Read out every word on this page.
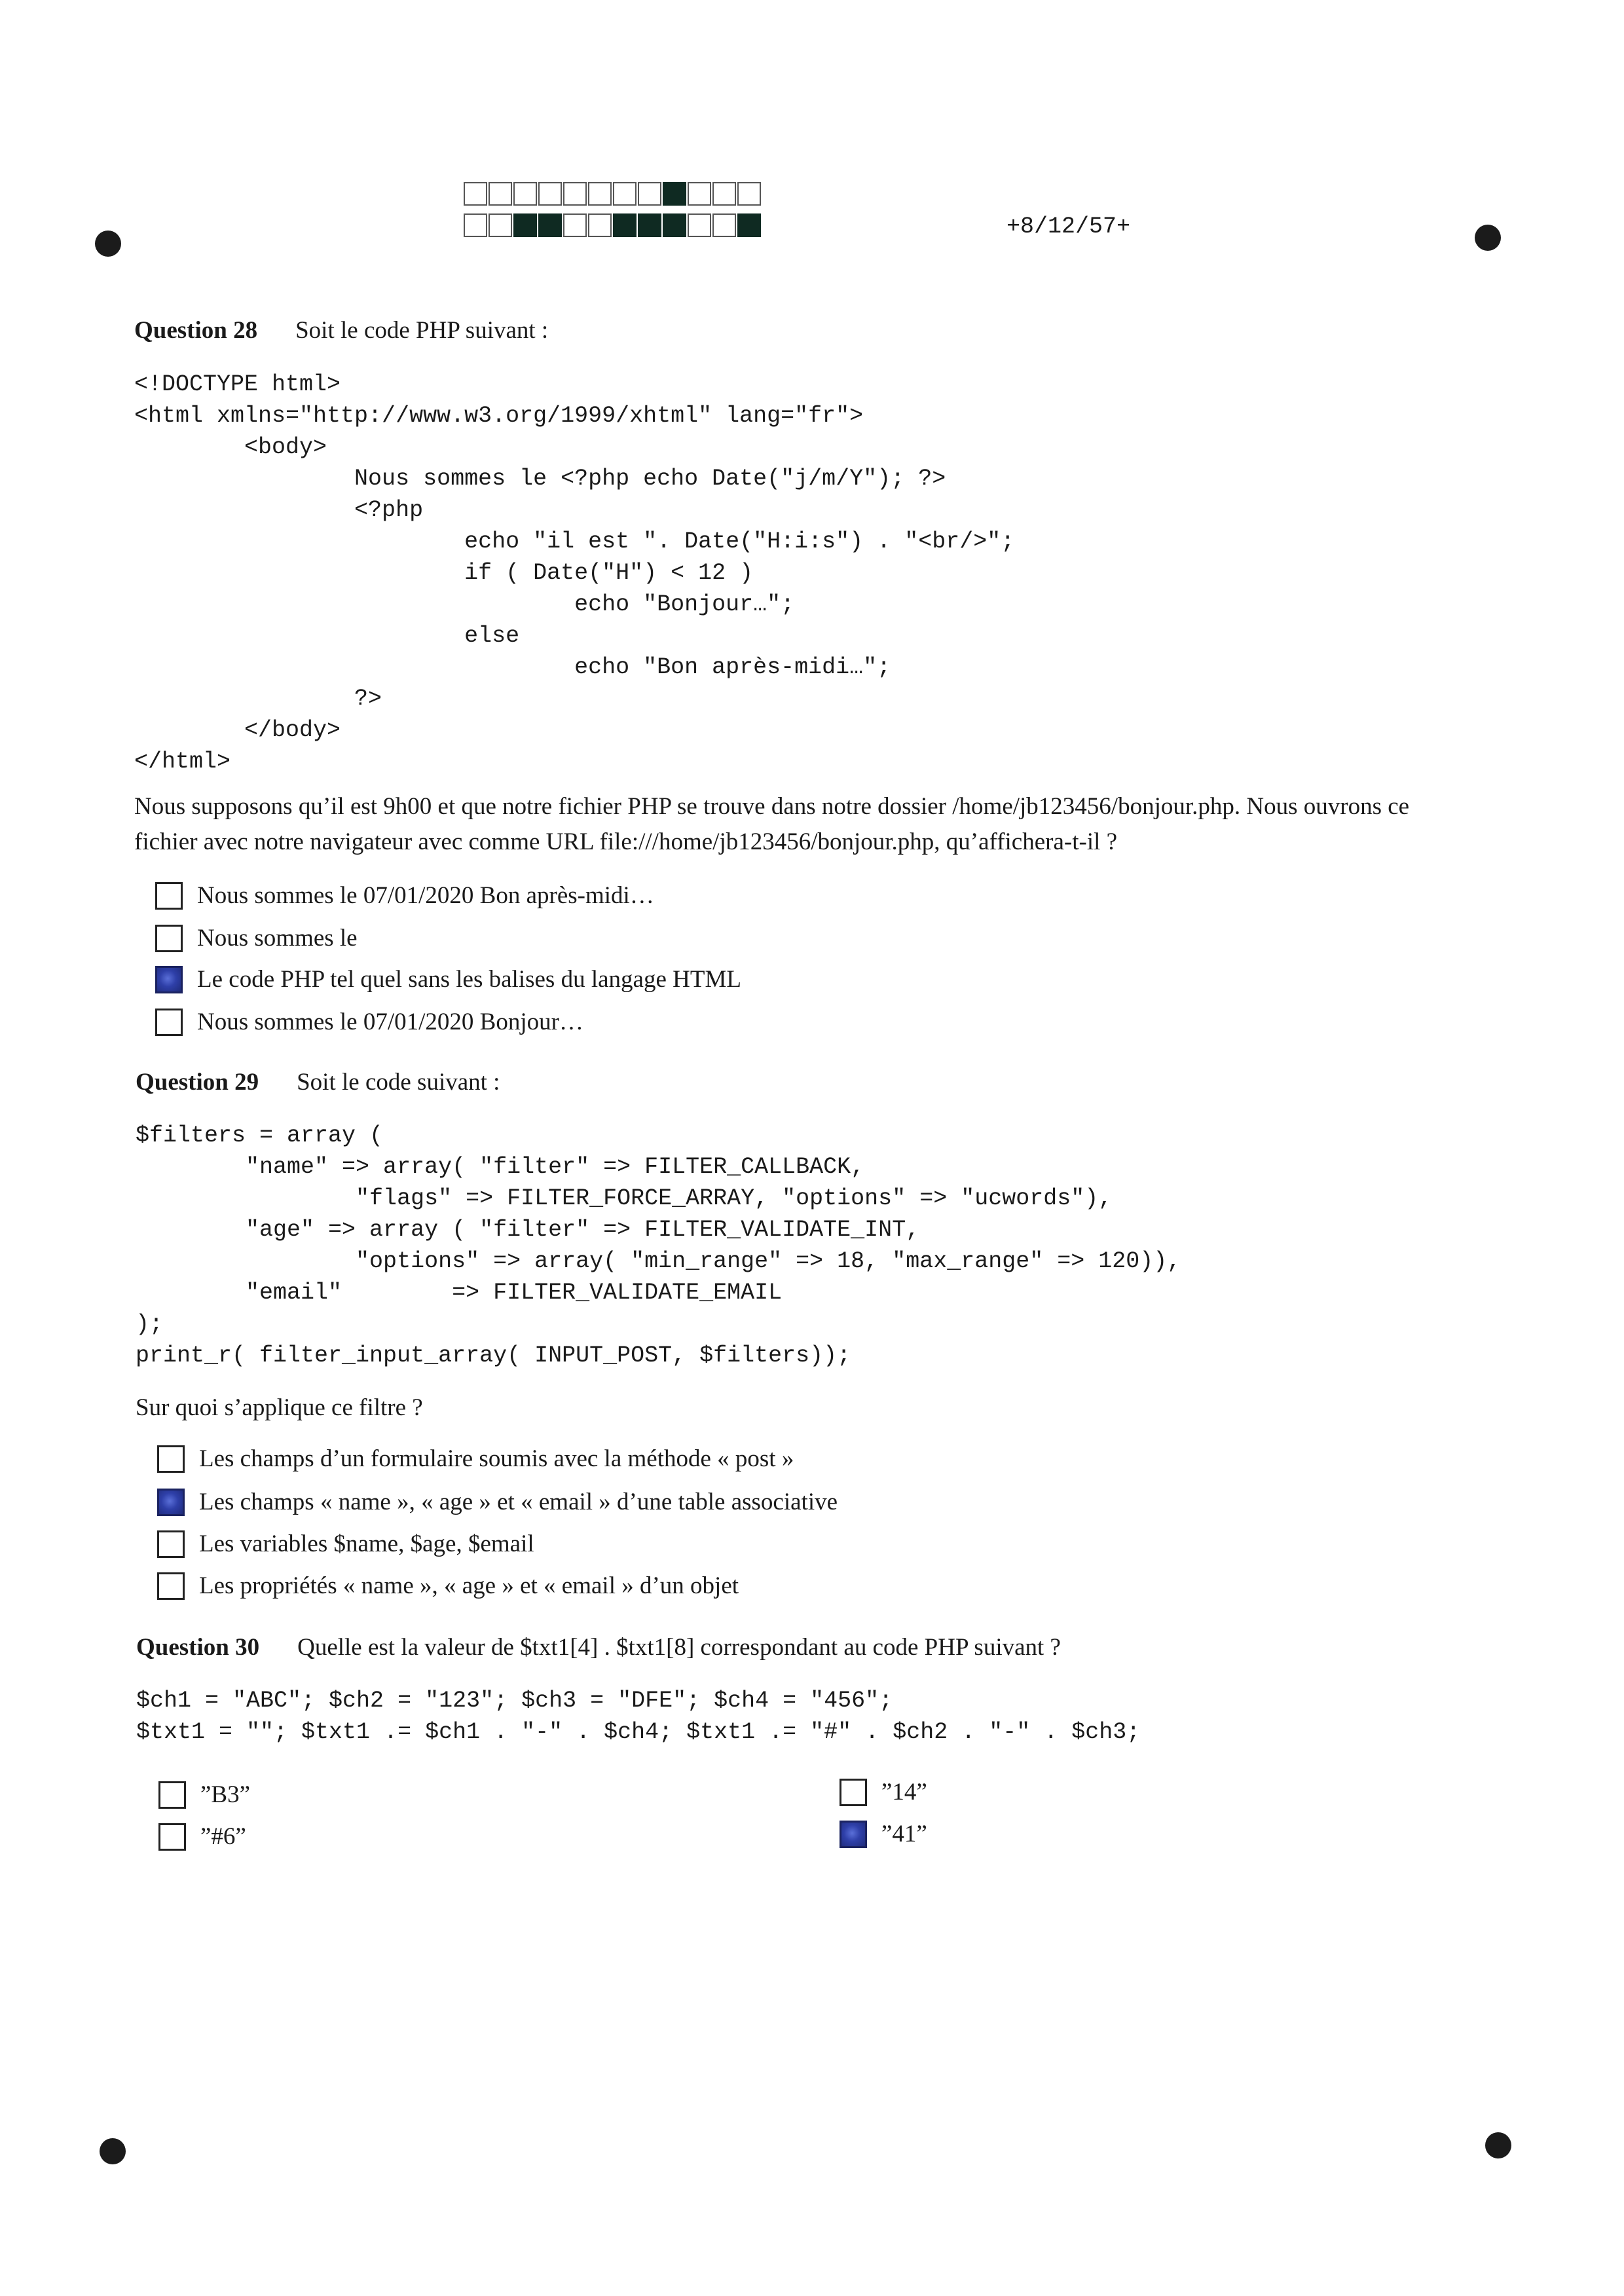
+8/12/57+
Question 28 Soit le code PHP suivant :
<!DOCTYPE html>
<html xmlns="http://www.w3.org/1999/xhtml" lang="fr">
<body>
Nous sommes le <?php echo Date("j/m/Y"); ?>
<?php
echo "il est ". Date("H:i:s") . "<br/>";
if ( Date("H") < 12 )
echo "Bonjour…";
else
echo "Bon après-midi…";
?>
</body>
</html>
Nous supposons qu’il est 9h00 et que notre fichier PHP se trouve dans notre dossier /home/jb123456/bonjour.php. Nous ouvrons ce fichier avec notre navigateur avec comme URL file:///home/jb123456/bonjour.php, qu’affichera-t-il ?
Nous sommes le 07/01/2020 Bon après-midi…
Nous sommes le
Le code PHP tel quel sans les balises du langage HTML
Nous sommes le 07/01/2020 Bonjour…
Question 29 Soit le code suivant :
$filters = array (
"name" => array( "filter" => FILTER_CALLBACK,
"flags" => FILTER_FORCE_ARRAY, "options" => "ucwords"),
"age" => array ( "filter" => FILTER_VALIDATE_INT,
"options" => array( "min_range" => 18, "max_range" => 120)),
"email"        => FILTER_VALIDATE_EMAIL
);
print_r( filter_input_array( INPUT_POST, $filters));
Sur quoi s’applique ce filtre ?
Les champs d’un formulaire soumis avec la méthode « post »
Les champs « name », « age » et « email » d’une table associative
Les variables $name, $age, $email
Les propriétés « name », « age » et « email » d’un objet
Question 30 Quelle est la valeur de $txt1[4] . $txt1[8] correspondant au code PHP suivant ?
$ch1 = "ABC"; $ch2 = "123"; $ch3 = "DFE"; $ch4 = "456";
$txt1 = ""; $txt1 .= $ch1 . "-" . $ch4; $txt1 .= "#" . $ch2 . "-" . $ch3;
”B3”
”#6”
”14”
”41”
